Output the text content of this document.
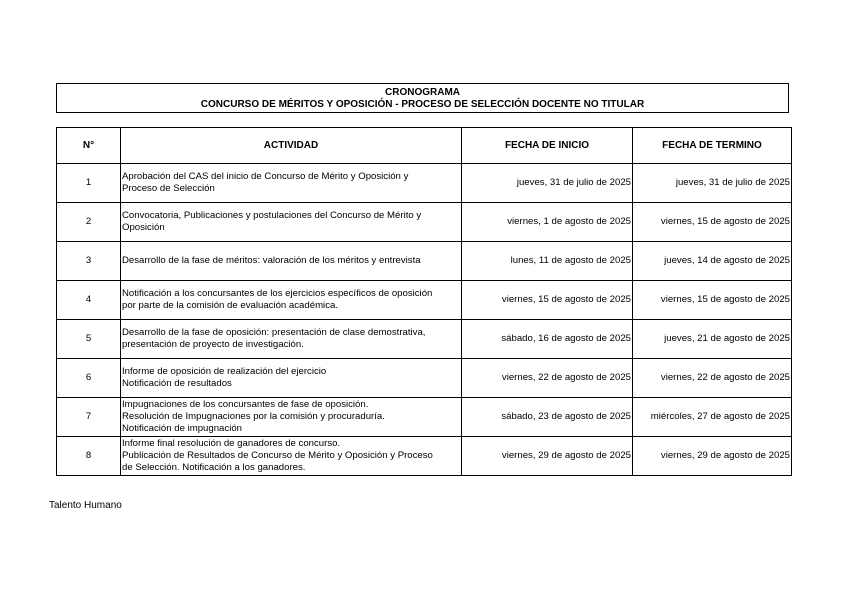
CRONOGRAMA
CONCURSO DE MÉRITOS Y OPOSICIÓN - PROCESO DE SELECCIÓN DOCENTE NO TITULAR
N°	ACTIVIDAD	FECHA DE INICIO	FECHA DE TERMINO
1	Aprobación del CAS del inicio de Concurso de Mérito y Oposición y
Proceso de Selección	jueves, 31 de julio de 2025	jueves, 31 de julio de 2025
2	Convocatoria, Publicaciones y postulaciones del Concurso de Mérito y
Oposición	viernes, 1 de agosto de 2025	viernes, 15 de agosto de 2025
3	Desarrollo de la fase de méritos: valoración de los méritos y entrevista	lunes, 11 de agosto de 2025	jueves, 14 de agosto de 2025
4	Notificación a los concursantes de los ejercicios específicos de oposición
por parte de la comisión de evaluación académica.	viernes, 15 de agosto de 2025	viernes, 15 de agosto de 2025
5	Desarrollo de la fase de oposición: presentación de clase demostrativa,
presentación de proyecto de investigación.	sábado, 16 de agosto de 2025	jueves, 21 de agosto de 2025
6	Informe de oposición de realización del ejercicio
Notificación de resultados	viernes, 22 de agosto de 2025	viernes, 22 de agosto de 2025
7	Impugnaciones de los concursantes de fase de oposición.
Resolución de Impugnaciones por la comisión y procuraduría.
Notificación de impugnación	sábado, 23 de agosto de 2025	miércoles, 27 de agosto de 2025
8	Informe final resolución de ganadores de concurso.
Publicación de Resultados de Concurso de Mérito y Oposición y Proceso
de Selección. Notificación a los ganadores.	viernes, 29 de agosto de 2025	viernes, 29 de agosto de 2025
Talento Humano
